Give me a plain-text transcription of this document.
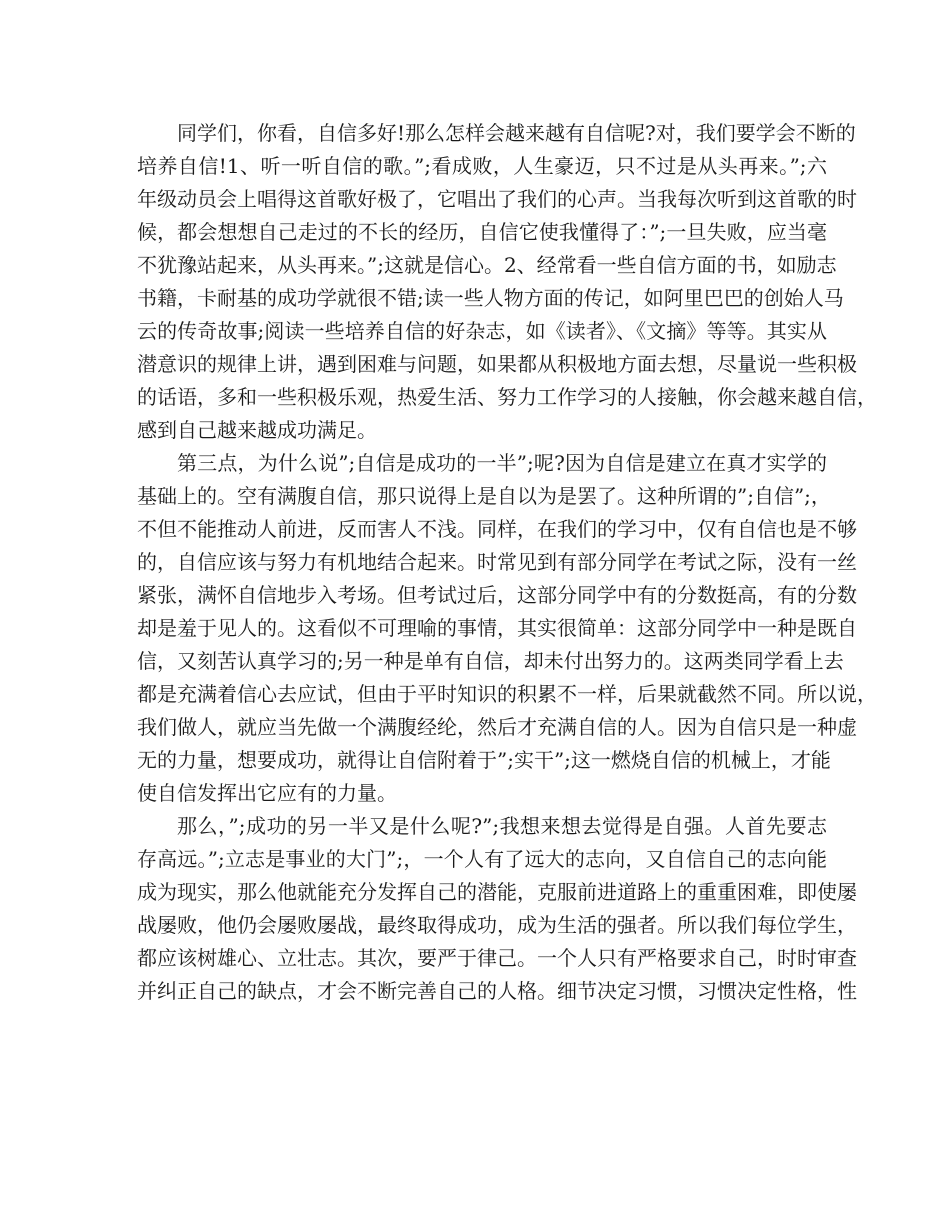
同学们，你看，自信多好!那么怎样会越来越有自信呢?对，我们要学会不断的
培养自信!1、听一听自信的歌。”;看成败，人生豪迈，只不过是从头再来。”;六
年级动员会上唱得这首歌好极了，它唱出了我们的心声。当我每次听到这首歌的时
候，都会想想自己走过的不长的经历，自信它使我懂得了：”;一旦失败，应当毫
不犹豫站起来，从头再来。”;这就是信心。2、经常看一些自信方面的书，如励志
书籍，卡耐基的成功学就很不错;读一些人物方面的传记，如阿里巴巴的创始人马
云的传奇故事;阅读一些培养自信的好杂志，如《读者》、《文摘》等等。其实从
潜意识的规律上讲，遇到困难与问题，如果都从积极地方面去想，尽量说一些积极
的话语，多和一些积极乐观，热爱生活、努力工作学习的人接触，你会越来越自信，
感到自己越来越成功满足。
第三点，为什么说”;自信是成功的一半”;呢?因为自信是建立在真才实学的
基础上的。空有满腹自信，那只说得上是自以为是罢了。这种所谓的”;自信”;，
不但不能推动人前进，反而害人不浅。同样，在我们的学习中，仅有自信也是不够
的，自信应该与努力有机地结合起来。时常见到有部分同学在考试之际，没有一丝
紧张，满怀自信地步入考场。但考试过后，这部分同学中有的分数挺高，有的分数
却是羞于见人的。这看似不可理喻的事情，其实很简单：这部分同学中一种是既自
信，又刻苦认真学习的;另一种是单有自信，却未付出努力的。这两类同学看上去
都是充满着信心去应试，但由于平时知识的积累不一样，后果就截然不同。所以说，
我们做人，就应当先做一个满腹经纶，然后才充满自信的人。因为自信只是一种虚
无的力量，想要成功，就得让自信附着于”;实干”;这一燃烧自信的机械上，才能
使自信发挥出它应有的力量。
那么，”;成功的另一半又是什么呢?”;我想来想去觉得是自强。人首先要志
存高远。”;立志是事业的大门”;，一个人有了远大的志向，又自信自己的志向能
成为现实，那么他就能充分发挥自己的潜能，克服前进道路上的重重困难，即使屡
战屡败，他仍会屡败屡战，最终取得成功，成为生活的强者。所以我们每位学生，
都应该树雄心、立壮志。其次，要严于律己。一个人只有严格要求自己，时时审查
并纠正自己的缺点，才会不断完善自己的人格。细节决定习惯，习惯决定性格，性
